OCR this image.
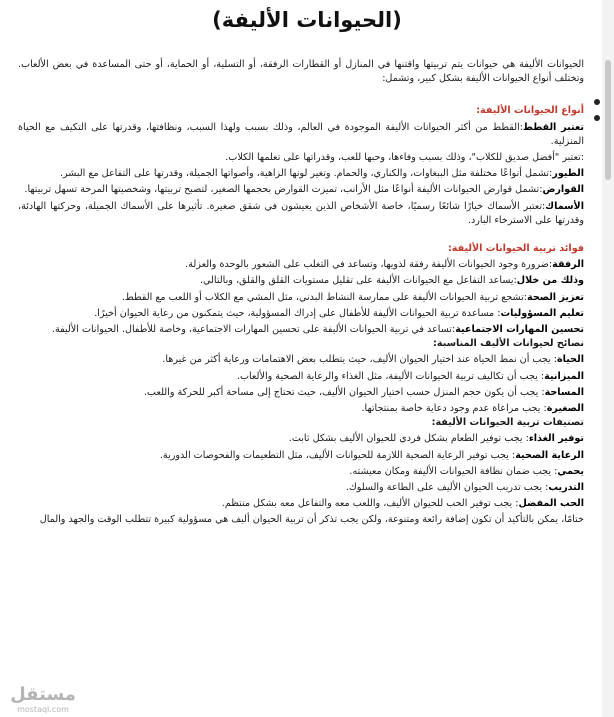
(الحيوانات الأليفة)

الحيوانات الأليفة هي حيوانات يتم تربيتها واقتنها في المنازل أو القطارات الرفقة، أو التسلية، أو الحماية، أو حتى المساعدة في بعض الألعاب. وتختلف أنواع الحيوانات الأليفة بشكل كبير، وتشمل:

أنواع الحيوانات الأليفة:
تعتبر القطط:القطط من أكثر الحيوانات الأليفة الموجودة في العالم، وذلك بسبب ولهذا السبب، ونظافتها، وقدرتها على التكيف مع الحياة المنزلية.
:تعتبر "أفضل صديق للكلاب"، وذلك بسبب وفاءها، وحبها للعب، وقدراتها على تعلمها الكلاب.
الطيور:تشمل أنواعًا مختلفة مثل الببغاوات، والكناري، والحمام. وتغير لونها الزاهية، وأصواتها الجميلة، وقدرتها على التفاعل مع البشر.
القوارض:تشمل قوارض الحيوانات الأليفة أنواعًا مثل الأرانب، تميزت القوارض بحجمها الصغير، لتصبح تربيتها، وشخصيتها المرحة تسهل تربيتها.
الأسماك:تعتبر الأسماك خيارًا شائعًا رسميًا، خاصة الأشخاص الذين يعيشون في شقق صغيرة. تأثيرها على الأسماك الجميلة، وحركتها الهادئة، وقدرتها على الاسترخاء البارد.
فوائد تربية الحيوانات الأليفة:
الرفقة:ضرورة وجود الحيوانات الأليفة رفقة لذويها، وتساعد في التغلب على الشعور بالوحدة والعزلة.
وذلك من خلال:يساعد التفاعل مع الحيوانات الأليفة على تقليل مستويات القلق والقلق، وبالتالي.
تعزيز الصحة:تشجع تربية الحيوانات الأليفة على ممارسة النشاط البدني، مثل المشي مع الكلاب أو اللعب مع القطط.
تعليم المسؤوليات: مساعدة تربية الحيوانات الأليفة للأطفال على إدراك المسؤولية، حيث يتمكنون من رعاية الحيوان أخيرًا.
تحسين المهارات الاجتماعية:تساعد في تربية الحيوانات الأليفة على تحسين المهارات الاجتماعية، وخاصة للأطفال. الحيوانات الأليفة.
نصائح لحيوانات الأليف المناسبة:
الحياة: يجب أن نمط الحياة عند اختيار الحيوان الأليف، حيث يتطلب بعض الاهتمامات ورعاية أكثر من غيرها.
الميزانية: يجب أن تكاليف تربية الحيوانات الأليفة، مثل الغذاء والرعاية الصحية والألعاب.
المساحة: يجب أن يكون حجم المنزل حسب اختيار الحيوان الأليف، حيث تحتاج إلى مساحة أكبر للحركة واللعب.
الصغيرة: يجب مراعاة عدم وجود دعاية خاصة بمنتجاتها.
تصنيفات تربية الحيوانات الأليفة:
توفير الغذاء: يجب توفير الطعام بشكل فردي للحيوان الأليف بشكل ثابت.
الرعاية الصحية: يجب توفير الرعاية الصحية اللازمة للحيوانات الأليف، مثل التطعيمات والفحوصات الدورية.
يحمي: يجب ضمان نظافة الحيوانات الأليفة ومكان معيشته.
التدريب: يجب تدريب الحيوان الأليف على الطاعة والسلوك.
الحب المفضل: يجب توفير الحب للحيوان الأليف، واللعب معه والتفاعل معه بشكل منتظم.

ختامًا، يمكن بالتأكيد أن تكون إضافة رائعة ومتنوعة، ولكن يجب تذكر أن تربية الحيوان أليف هي مسؤولية كبيرة تتطلب الوقت والجهد والمال

مستقل
mostaql.com
